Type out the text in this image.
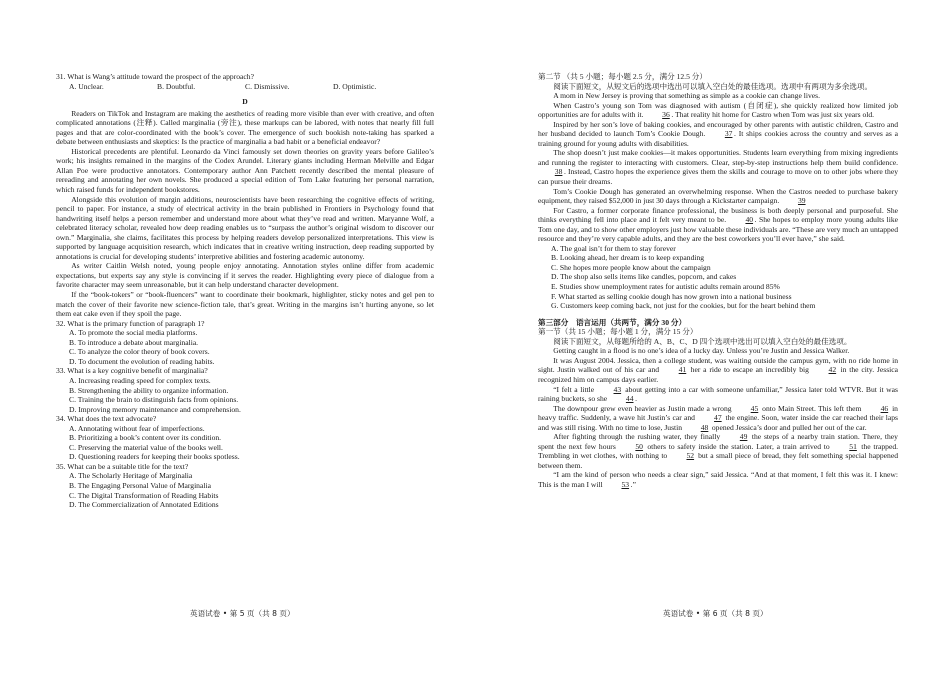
31. What is Wang’s attitude toward the prospect of the approach?

A. Unclear.	B. Doubtful.	C. Dismissive.	D. Optimistic.
D

Readers on TikTok and Instagram are making the aesthetics of reading more visible than ever with creative, and often complicated annotations (注释). Called marginalia (旁注), these markups can be labored, with notes that nearly fill full pages and that are color-coordinated with the book’s cover. The emergence of such bookish note-taking has sparked a debate between enthusiasts and skeptics: Is the practice of marginalia a bad habit or a beneficial endeavor?

Historical precedents are plentiful. Leonardo da Vinci famously set down theories on gravity years before Galileo’s work; his insights remained in the margins of the Codex Arundel. Literary giants including Herman Melville and Edgar Allan Poe were productive annotators. Contemporary author Ann Patchett recently described the mental pleasure of rereading and annotating her own novels. She produced a special edition of Tom Lake featuring her personal narration, which raised funds for independent bookstores.

Alongside this evolution of margin additions, neuroscientists have been researching the cognitive effects of writing, pencil to paper. For instance, a study of electrical activity in the brain published in Frontiers in Psychology found that handwriting itself helps a person remember and understand more about what they’ve read and written. Maryanne Wolf, a celebrated literacy scholar, revealed how deep reading enables us to “surpass the author’s original wisdom to discover our own.” Marginalia, she claims, facilitates this process by helping readers develop personalized interpretations. This view is supported by language acquisition research, which indicates that in creative writing instruction, deep reading supported by annotations is crucial for developing students’ interpretive abilities and fostering academic autonomy.

As writer Caitlin Welsh noted, young people enjoy annotating. Annotation styles online differ from academic expectations, but experts say any style is convincing if it serves the reader. Highlighting every piece of dialogue from a favorite character may seem unreasonable, but it can help understand character development.

If the “book-tokers” or “book-fluencers” want to coordinate their bookmark, highlighter, sticky notes and gel pen to match the cover of their favorite new science-fiction tale, that’s great. Writing in the margins isn’t hurting anyone, so let them eat cake even if they spoil the page.

32. What is the primary function of paragraph 1?

A. To promote the social media platforms.

B. To introduce a debate about marginalia.

C. To analyze the color theory of book covers.

D. To document the evolution of reading habits.

33. What is a key cognitive benefit of marginalia?

A. Increasing reading speed for complex texts.

B. Strengthening the ability to organize information.

C. Training the brain to distinguish facts from opinions.

D. Improving memory maintenance and comprehension.

34. What does the text advocate?

A. Annotating without fear of imperfections.

B. Prioritizing a book’s content over its condition.

C. Preserving the material value of the books well.

D. Questioning readers for keeping their books spotless.

35. What can be a suitable title for the text?

A. The Scholarly Heritage of Marginalia

B. The Engaging Personal Value of Marginalia

C. The Digital Transformation of Reading Habits

D. The Commercialization of Annotated Editions

第二节 （共 5 小题；每小题 2.5 分，满分 12.5 分）

阅读下面短文，从短文后的选项中选出可以填入空白处的最佳选项。选项中有两项为多余选项。

A mom in New Jersey is proving that something as simple as a cookie can change lives.

When Castro’s young son Tom was diagnosed with autism (自闭症), she quickly realized how limited job opportunities are for adults with it. 36 . That reality hit home for Castro when Tom was just six years old.

Inspired by her son’s love of baking cookies, and encouraged by other parents with autistic children, Castro and her husband decided to launch Tom’s Cookie Dough.	37 . It ships cookies across the country and serves as a training ground for young adults with disabilities.

The shop doesn’t just make cookies—it makes opportunities. Students learn everything from mixing ingredients and running the register to interacting with customers. Clear, step-by-step instructions help them build confidence. 38 . Instead, Castro hopes the experience gives them the skills and courage to move on to other jobs where they can pursue their dreams.

Tom’s Cookie Dough has generated an overwhelming response. When the Castros needed to purchase bakery equipment, they raised $52,000 in just 30 days through a Kickstarter campaign. 39

For Castro, a former corporate finance professional, the business is both deeply personal and purposeful. She thinks everything fell into place and it felt very meant to be.	40 . She hopes to employ more young adults like Tom one day, and to show other employers just how valuable these individuals are. “These are very much an untapped resource and they’re very capable adults, and they are the best coworkers you’ll ever have,” she said.

A. The goal isn’t for them to stay forever

B. Looking ahead, her dream is to keep expanding

C. She hopes more people know about the campaign

D. The shop also sells items like candles, popcorn, and cakes

E. Studies show unemployment rates for autistic adults remain around 85%

F. What started as selling cookie dough has now grown into a national business

G. Customers keep coming back, not just for the cookies, but for the heart behind them

第三部分　语言运用（共两节，满分 30 分）

第一节（共 15 小题；每小题 1 分，满分 15 分）

阅读下面短文，从每题所给的 A、B、C、D 四个选项中选出可以填入空白处的最佳选项。

Getting caught in a flood is no one’s idea of a lucky day. Unless you’re Justin and Jessica Walker.

It was August 2004. Jessica, then a college student, was waiting outside the campus gym, with no ride home in sight. Justin walked out of his car and	41 her a ride to escape an incredibly big	42 in the city. Jessica recognized him on campus days earlier.

“I felt a little	43 about getting into a car with someone unfamiliar,” Jessica later told WTVR. But it was raining buckets, so she 44 .

The downpour grew even heavier as Justin made a wrong	45 onto Main Street. This left them	46 in heavy traffic. Suddenly, a wave hit Justin’s car and	47 the engine. Soon, water inside the car reached their laps and was still rising. With no time to lose, Justin 48 opened Jessica’s door and pulled her out of the car.

After fighting through the rushing water, they finally	49 the steps of a nearby train station. There, they spent the next few hours	50 others to safety inside the station. Later, a train arrived to	51 the trapped. Trembling in wet clothes, with nothing to	52 but a small piece of bread, they felt something special happened between them.

“I am the kind of person who needs a clear sign,” said Jessica. “And at that moment, I felt this was it. I knew: This is the man I will 53 .”

英语试卷 • 第 5 页（共 8 页）	英语试卷 • 第 6 页（共 8 页）
